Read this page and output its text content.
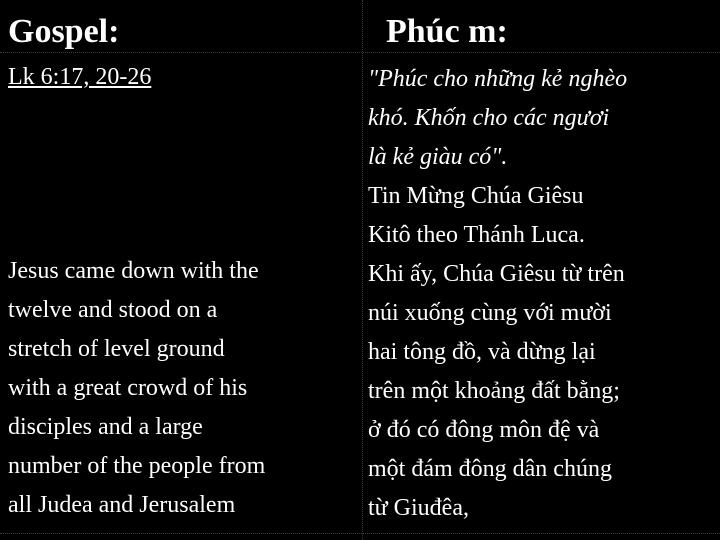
Gospel:	Phúc m:
Lk 6:17, 20-26
Jesus came down with the
twelve and stood on a
stretch of level ground
with a great crowd of his
disciples and a large
number of the people from
all Judea and Jerusalem
"Phúc cho những kẻ nghèo
khó. Khốn cho các ngươi
là kẻ giàu có".
Tin Mừng Chúa Giêsu
Kitô theo Thánh Luca.
Khi ấy, Chúa Giêsu từ trên
núi xuống cùng với mười
hai tông đồ, và dừng lại
trên một khoảng đất bằng;
ở đó có đông môn đệ và
một đám đông dân chúng
từ Giuđêa,
